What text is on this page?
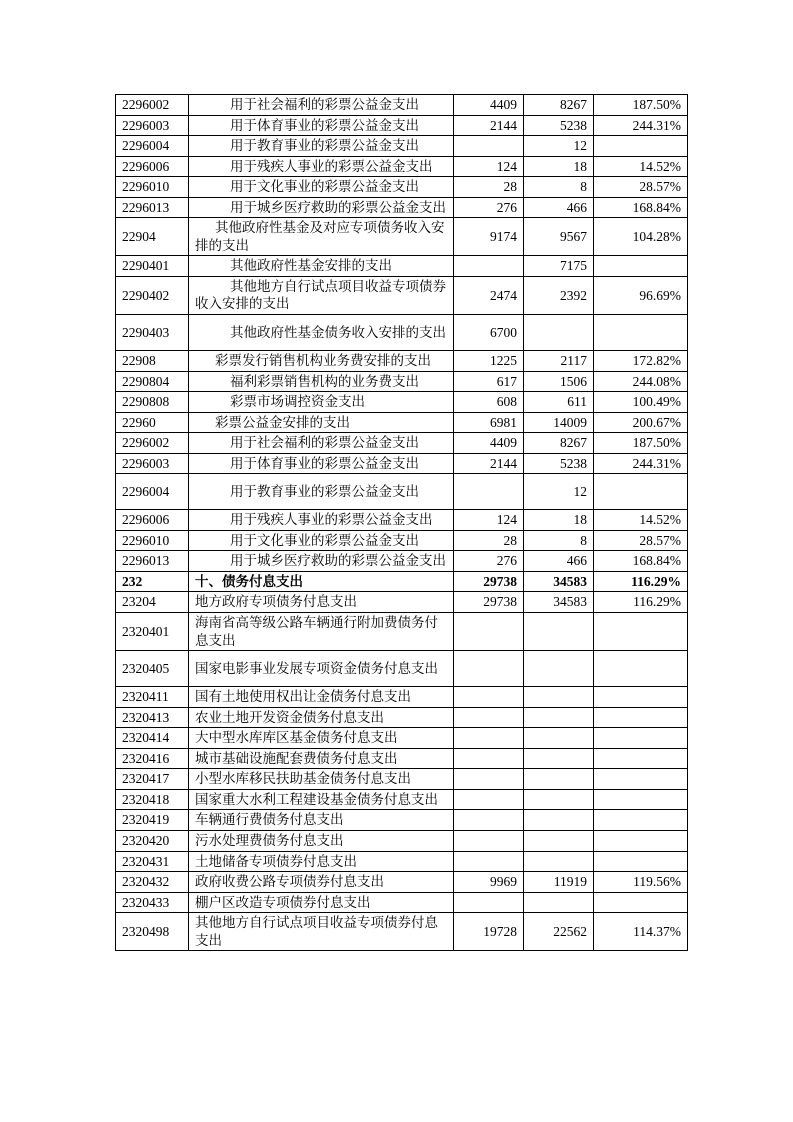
2296002	用于社会福利的彩票公益金支出	4409	8267	187.50%
2296003	用于体育事业的彩票公益金支出	2144	5238	244.31%
2296004	用于教育事业的彩票公益金支出		12	
2296006	用于残疾人事业的彩票公益金支出	124	18	14.52%
2296010	用于文化事业的彩票公益金支出	28	8	28.57%
2296013	用于城乡医疗救助的彩票公益金支出	276	466	168.84%
22904	其他政府性基金及对应专项债务收入安排的支出	9174	9567	104.28%
2290401	其他政府性基金安排的支出		7175	
2290402	其他地方自行试点项目收益专项债券收入安排的支出	2474	2392	96.69%
2290403	其他政府性基金债务收入安排的支出	6700		
22908	彩票发行销售机构业务费安排的支出	1225	2117	172.82%
2290804	福利彩票销售机构的业务费支出	617	1506	244.08%
2290808	彩票市场调控资金支出	608	611	100.49%
22960	彩票公益金安排的支出	6981	14009	200.67%
2296002	用于社会福利的彩票公益金支出	4409	8267	187.50%
2296003	用于体育事业的彩票公益金支出	2144	5238	244.31%
2296004	用于教育事业的彩票公益金支出		12	
2296006	用于残疾人事业的彩票公益金支出	124	18	14.52%
2296010	用于文化事业的彩票公益金支出	28	8	28.57%
2296013	用于城乡医疗救助的彩票公益金支出	276	466	168.84%
232	十、债务付息支出	29738	34583	116.29%
23204	地方政府专项债务付息支出	29738	34583	116.29%
2320401	海南省高等级公路车辆通行附加费债务付息支出			
2320405	国家电影事业发展专项资金债务付息支出			
2320411	国有土地使用权出让金债务付息支出			
2320413	农业土地开发资金债务付息支出			
2320414	大中型水库库区基金债务付息支出			
2320416	城市基础设施配套费债务付息支出			
2320417	小型水库移民扶助基金债务付息支出			
2320418	国家重大水利工程建设基金债务付息支出			
2320419	车辆通行费债务付息支出			
2320420	污水处理费债务付息支出			
2320431	土地储备专项债券付息支出			
2320432	政府收费公路专项债券付息支出	9969	11919	119.56%
2320433	棚户区改造专项债券付息支出			
2320498	其他地方自行试点项目收益专项债券付息支出	19728	22562	114.37%
